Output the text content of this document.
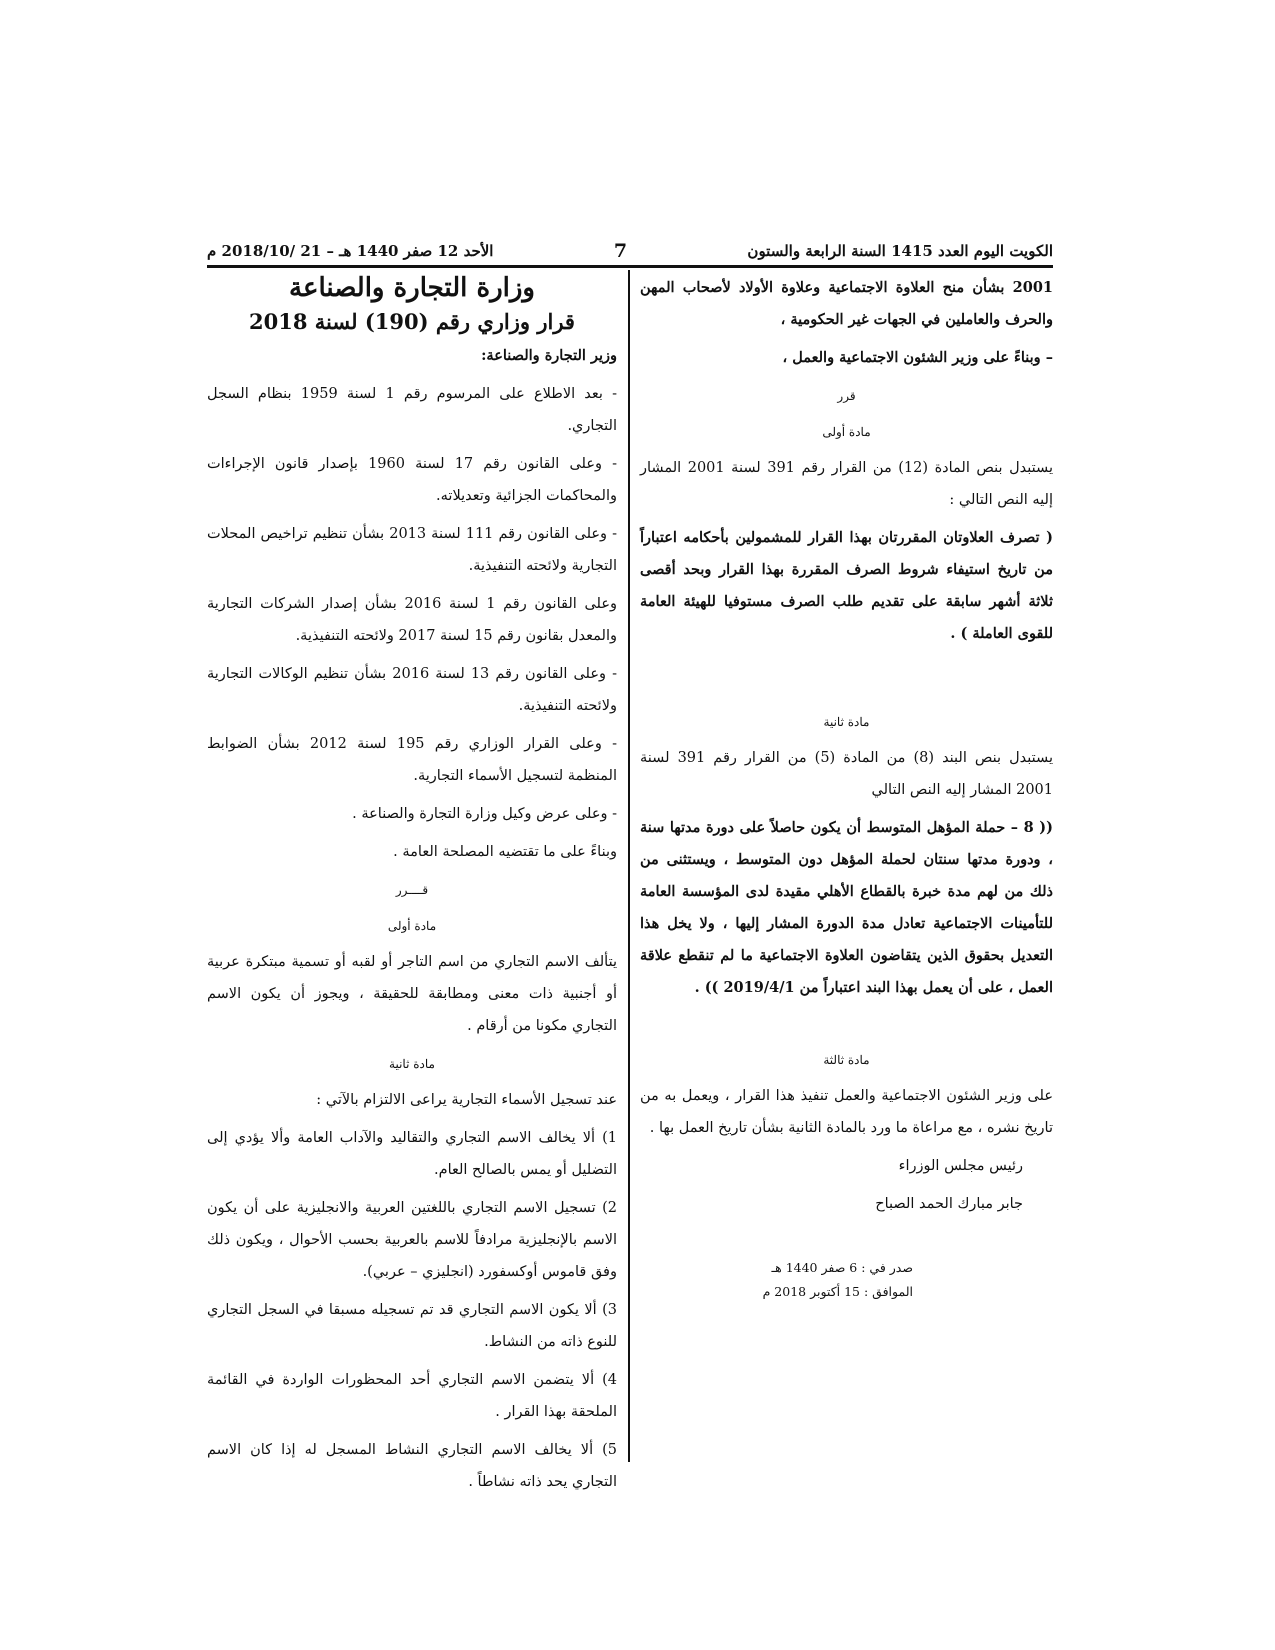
الكويت اليوم العدد 1415 السنة الرابعة والستون
7
الأحد 12 صفر 1440 هـ – 21 /2018/10 م

2001 بشأن منح العلاوة الاجتماعية وعلاوة الأولاد لأصحاب المهن والحرف والعاملين في الجهات غير الحكومية ،

– وبناءً على وزير الشئون الاجتماعية والعمل ،

قرر

مادة أولى

يستبدل بنص المادة (12) من القرار رقم 391 لسنة 2001 المشار إليه النص التالي :

( تصرف العلاوتان المقررتان بهذا القرار للمشمولين بأحكامه اعتباراً من تاريخ استيفاء شروط الصرف المقررة بهذا القرار وبحد أقصى ثلاثة أشهر سابقة على تقديم طلب الصرف مستوفيا للهيئة العامة للقوى العاملة ) .

مادة ثانية

يستبدل بنص البند (8) من المادة (5) من القرار رقم 391 لسنة 2001 المشار إليه النص التالي

(( 8 – حملة المؤهل المتوسط أن يكون حاصلاً على دورة مدتها سنة ، ودورة مدتها سنتان لحملة المؤهل دون المتوسط ، ويستثنى من ذلك من لهم مدة خبرة بالقطاع الأهلي مقيدة لدى المؤسسة العامة للتأمينات الاجتماعية تعادل مدة الدورة المشار إليها ، ولا يخل هذا التعديل بحقوق الذين يتقاضون العلاوة الاجتماعية ما لم تنقطع علاقة العمل ، على أن يعمل بهذا البند اعتباراً من 2019/4/1 )) .

مادة ثالثة

على وزير الشئون الاجتماعية والعمل تنفيذ هذا القرار ، ويعمل به من تاريخ نشره ، مع مراعاة ما ورد بالمادة الثانية بشأن تاريخ العمل بها .

رئيس مجلس الوزراء

جابر مبارك الحمد الصباح

صدر في : 6 صفر 1440 هـ

الموافق : 15 أكتوبر 2018 م

وزارة التجارة والصناعة

قرار وزاري رقم (190) لسنة 2018

وزير التجارة والصناعة:

- بعد الاطلاع على المرسوم رقم 1 لسنة 1959 بنظام السجل التجاري.

- وعلى القانون رقم 17 لسنة 1960 بإصدار قانون الإجراءات والمحاكمات الجزائية وتعديلاته.

- وعلى القانون رقم 111 لسنة 2013 بشأن تنظيم تراخيص المحلات التجارية ولائحته التنفيذية.

وعلى القانون رقم 1 لسنة 2016 بشأن إصدار الشركات التجارية والمعدل بقانون رقم 15 لسنة 2017 ولائحته التنفيذية.

- وعلى القانون رقم 13 لسنة 2016 بشأن تنظيم الوكالات التجارية ولائحته التنفيذية.

- وعلى القرار الوزاري رقم 195 لسنة 2012 بشأن الضوابط المنظمة لتسجيل الأسماء التجارية.

- وعلى عرض وكيل وزارة التجارة والصناعة .

وبناءً على ما تقتضيه المصلحة العامة .

قــــرر

مادة أولى

يتألف الاسم التجاري من اسم التاجر أو لقبه أو تسمية مبتكرة عربية أو أجنبية ذات معنى ومطابقة للحقيقة ، ويجوز أن يكون الاسم التجاري مكونا من أرقام .

مادة ثانية

عند تسجيل الأسماء التجارية يراعى الالتزام بالآتي :

1) ألا يخالف الاسم التجاري والتقاليد والآداب العامة وألا يؤدي إلى التضليل أو يمس بالصالح العام.

2) تسجيل الاسم التجاري باللغتين العربية والانجليزية على أن يكون الاسم بالإنجليزية مرادفاً للاسم بالعربية بحسب الأحوال ، ويكون ذلك وفق قاموس أوكسفورد (انجليزي – عربي).

3) ألا يكون الاسم التجاري قد تم تسجيله مسبقا في السجل التجاري للنوع ذاته من النشاط.

4) ألا يتضمن الاسم التجاري أحد المحظورات الواردة في القائمة الملحقة بهذا القرار .

5) ألا يخالف الاسم التجاري النشاط المسجل له إذا كان الاسم التجاري يحد ذاته نشاطاً .
